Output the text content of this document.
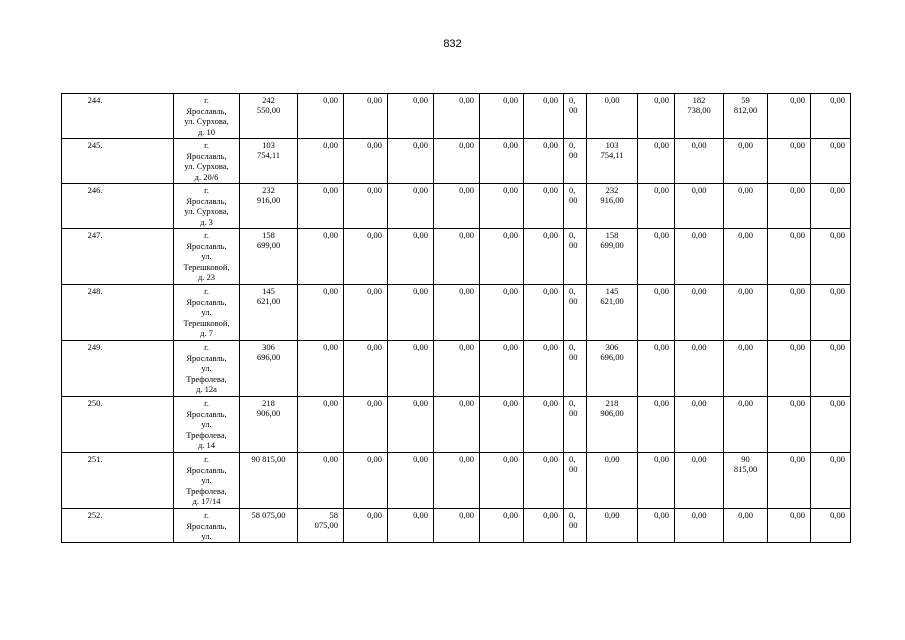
832
244.	г.
Ярославль,
ул. Сурхова,
д. 10	242
550,00	0,00	0,00	0,00	0,00	0,00	0,00	0,
00	0,00	0,00	182
738,00	59
812,00	0,00	0,00
245.	г.
Ярославль,
ул. Сурхова,
д. 20/6	103
754,11	0,00	0,00	0,00	0,00	0,00	0,00	0,
00	103
754,11	0,00	0,00	0,00	0,00	0,00
246.	г.
Ярославль,
ул. Сурхова,
д. 3	232
916,00	0,00	0,00	0,00	0,00	0,00	0,00	0,
00	232
916,00	0,00	0,00	0,00	0,00	0,00
247.	г.
Ярославль,
ул.
Терешковой,
д. 23	158
699,00	0,00	0,00	0,00	0,00	0,00	0,00	0,
00	158
699,00	0,00	0,00	0,00	0,00	0,00
248.	г.
Ярославль,
ул.
Терешковой,
д. 7	145
621,00	0,00	0,00	0,00	0,00	0,00	0,00	0,
00	145
621,00	0,00	0,00	0,00	0,00	0,00
249.	г.
Ярославль,
ул.
Трефолева,
д. 12а	306
696,00	0,00	0,00	0,00	0,00	0,00	0,00	0,
00	306
696,00	0,00	0,00	0,00	0,00	0,00
250.	г.
Ярославль,
ул.
Трефолева,
д. 14	218
906,00	0,00	0,00	0,00	0,00	0,00	0,00	0,
00	218
906,00	0,00	0,00	0,00	0,00	0,00
251.	г.
Ярославль,
ул.
Трефолева,
д. 17/14	90 815,00	0,00	0,00	0,00	0,00	0,00	0,00	0,
00	0,00	0,00	0,00	90
815,00	0,00	0,00
252.	г.
Ярославль,
ул.	58 075,00	58
075,00	0,00	0,00	0,00	0,00	0,00	0,
00	0,00	0,00	0,00	0,00	0,00	0,00
